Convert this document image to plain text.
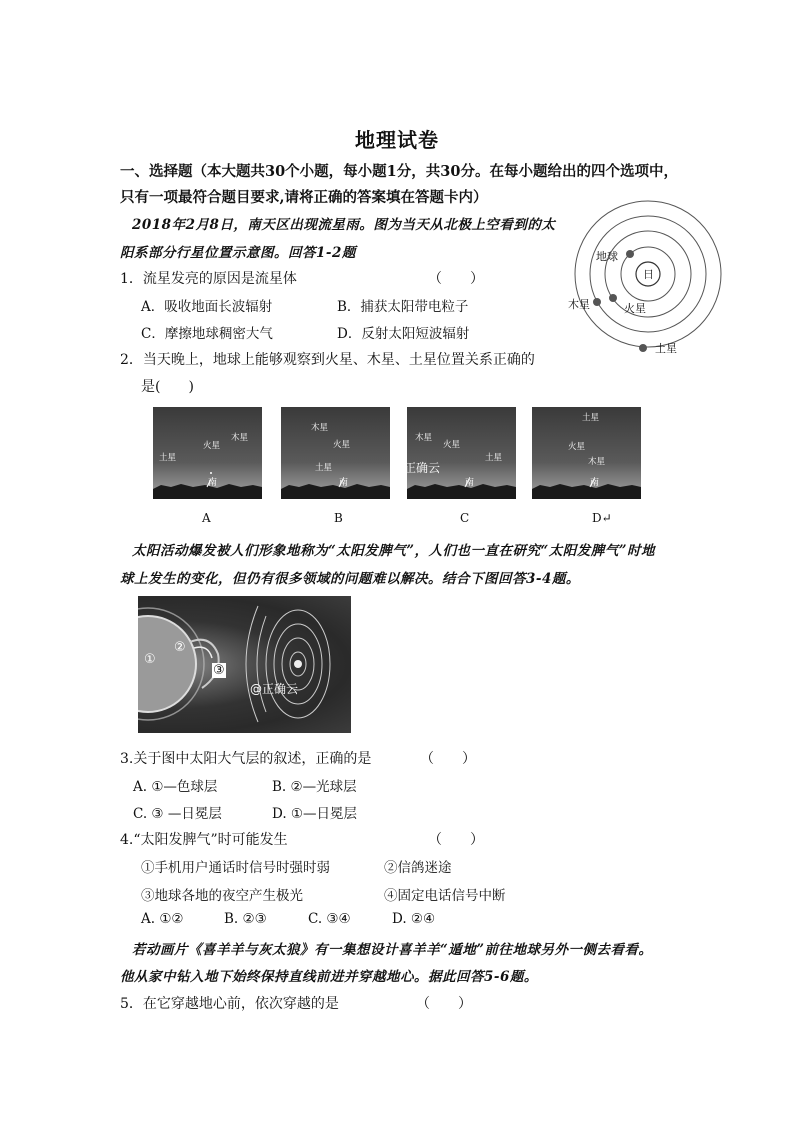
地理试卷
一、选择题（本大题共30个小题，每小题1分，共30分。在每小题给出的四个选项中，
只有一项最符合题目要求,请将正确的答案填在答题卡内）
2018年2月8日，南天区出现流星雨。图为当天从北极上空看到的太
阳系部分行星位置示意图。回答1-2题
日
地球
木星	火星
土星
1．流星发亮的原因是流星体	（　　）
A．吸收地面长波辐射	B．捕获太阳带电粒子
C．摩擦地球稠密大气	D．反射太阳短波辐射
2．当天晚上，地球上能够观察到火星、木星、土星位置关系正确的
是(　　)
火星
木星
土星
南
木星
火星
土星
南
木星
火星
土星
南
土星
火星
木星
南
@正确云
A	B	C	D↵
太阳活动爆发被人们形象地称为“太阳发脾气”，人们也一直在研究“太阳发脾气”时地
球上发生的变化，但仍有很多领域的问题难以解决。结合下图回答3-4题。
①
②
③
@正确云
3.关于图中太阳大气层的叙述，正确的是	（　　）
A. ①—色球层	B. ②—光球层
C. ③ —日冕层	D. ①—日冕层
4.“太阳发脾气”时可能发生	（　　）
①手机用户通话时信号时强时弱	②信鸽迷途
③地球各地的夜空产生极光	④固定电话信号中断
A. ①②	B. ②③	C. ③④	D. ②④
若动画片《喜羊羊与灰太狼》有一集想设计喜羊羊“遁地”前往地球另外一侧去看看。
他从家中钻入地下始终保持直线前进并穿越地心。据此回答5-6题。
5．在它穿越地心前，依次穿越的是	（　　）
